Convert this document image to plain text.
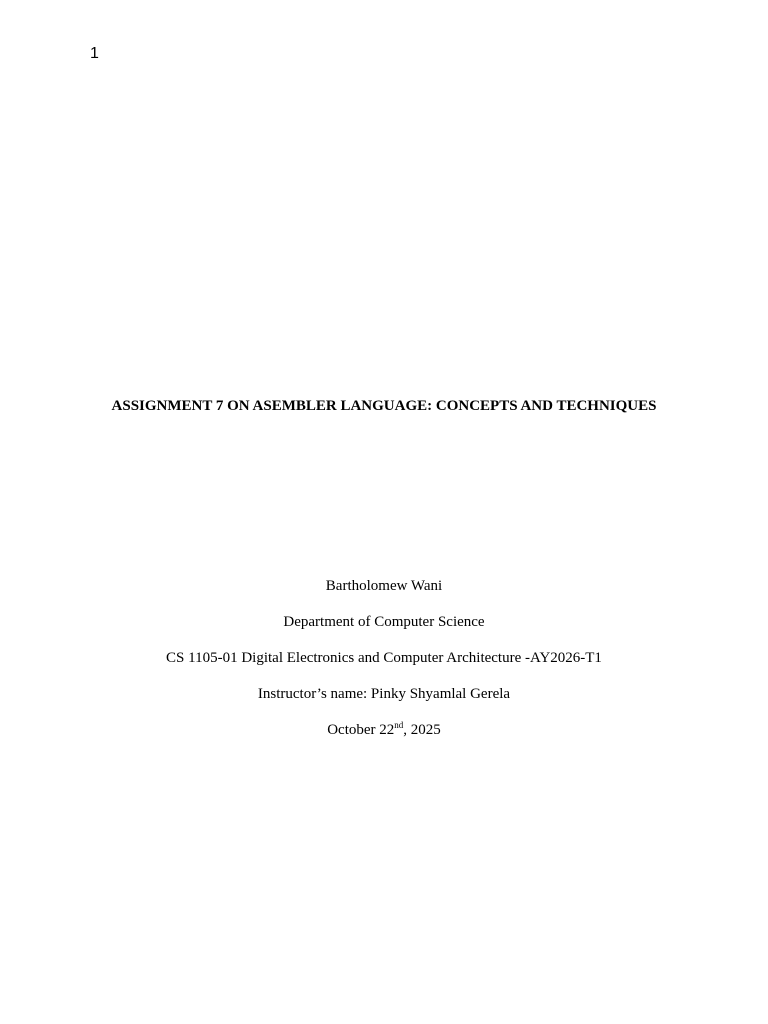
1
ASSIGNMENT 7 ON ASEMBLER LANGUAGE: CONCEPTS AND TECHNIQUES
Bartholomew Wani
Department of Computer Science
CS 1105-01 Digital Electronics and Computer Architecture -AY2026-T1
Instructor’s name: Pinky Shyamlal Gerela
October 22nd, 2025
